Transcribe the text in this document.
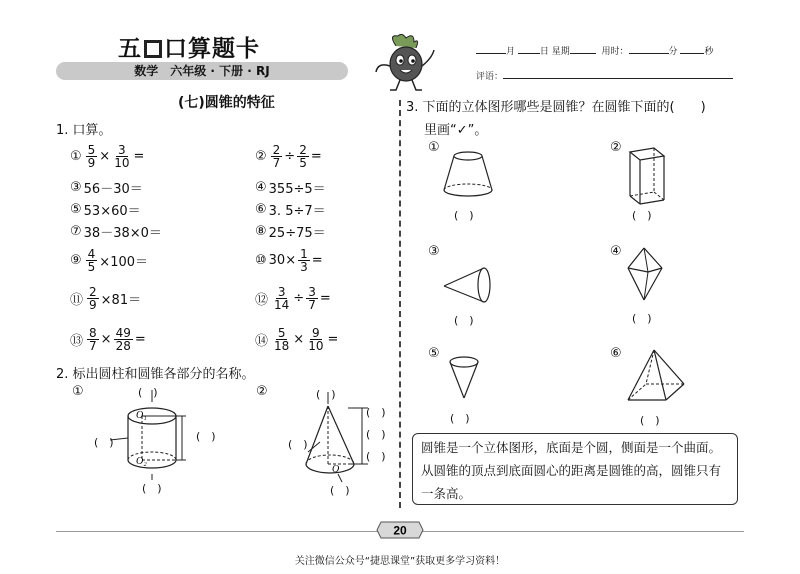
五 口算题卡
数学　六年级 · 下册 · RJ
月	日 星期	用时：	分	秒
评语：
(七)圆锥的特征
1. 口算。
① $\frac{5}{9} \times \frac{3}{10}$ =	② $\frac{2}{7} \div \frac{2}{5}$ =
③ 56－30＝	④ 355÷5＝
⑤ 53×60＝	⑥ 3. 5÷7＝
⑦ 38－38×0＝	⑧ 25÷75＝
⑨ $\frac{4}{5} \times 100=$	⑩ $30\times \frac{1}{3}$ =
⑪ $\frac{2}{9} \times 81=$	⑫ $\frac{3}{14} \div \frac{3}{7}$ =
⑬ $\frac{8}{7} \times \frac{49}{28}$ =	⑭ $\frac{5}{18} \times \frac{9}{10}$ =
2. 标出圆柱和圆锥各部分的名称。
①	②
O₁
O₂
(　)
(　)	(　)
(　)
O
(　)
(　)
(　)
(　)
(　)
(　)
3. 下面的立体图形哪些是圆锥？在圆锥下面的(　　)
里画“✓”。
①
(　)
②
(　)
③
(　)
④
(　)
⑤
(　)
⑥
(　)
圆锥是一个立体图形，底面是个圆，侧面是一个曲面。从圆锥的顶点到底面圆心的距离是圆锥的高，圆锥只有一条高。
20
关注微信公众号“捷思课堂”获取更多学习资料！
